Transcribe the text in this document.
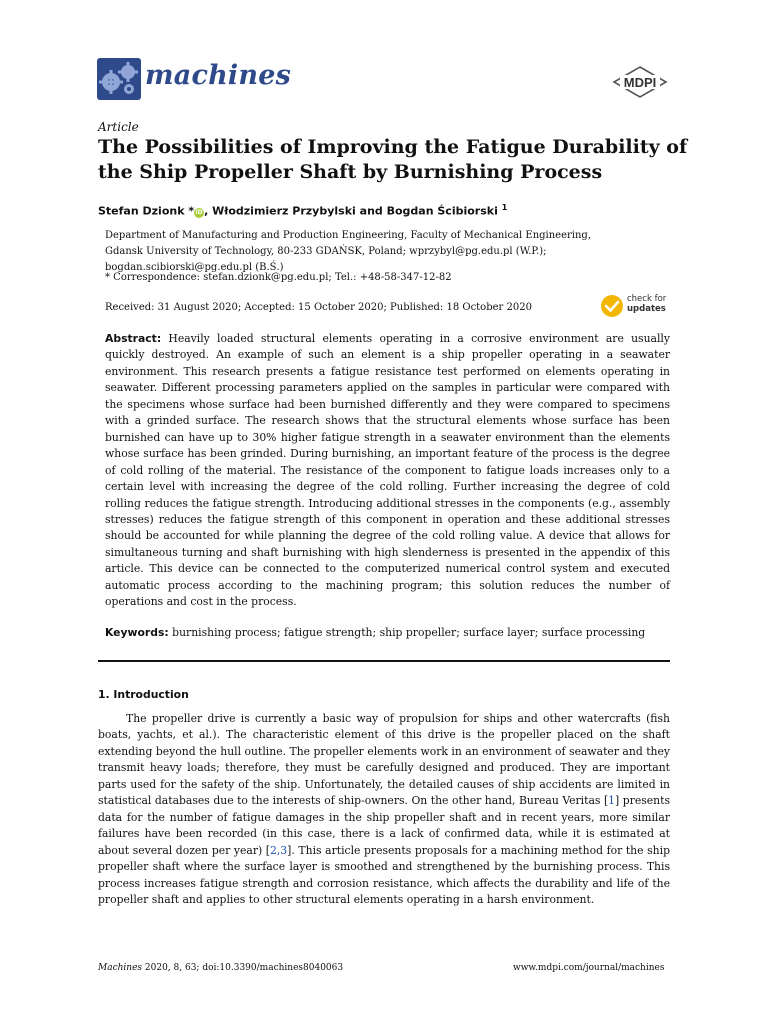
machines	MDPI
Article
The Possibilities of Improving the Fatigue Durability of the Ship Propeller Shaft by Burnishing Process
Stefan Dzionk *iD, Włodzimierz Przybylski and Bogdan Ścibiorski $^1$
Department of Manufacturing and Production Engineering, Faculty of Mechanical Engineering,
Gdansk University of Technology, 80-233 GDAŃSK, Poland; wprzybyl@pg.edu.pl (W.P.);
bogdan.scibiorski@pg.edu.pl (B.Ś.)
* Correspondence: stefan.dzionk@pg.edu.pl; Tel.: +48-58-347-12-82
Received: 31 August 2020; Accepted: 15 October 2020; Published: 18 October 2020
check for
updates
Abstract: Heavily loaded structural elements operating in a corrosive environment are usually quickly destroyed. An example of such an element is a ship propeller operating in a seawater environment. This research presents a fatigue resistance test performed on elements operating in seawater. Different processing parameters applied on the samples in particular were compared with the specimens whose surface had been burnished differently and they were compared to specimens with a grinded surface. The research shows that the structural elements whose surface has been burnished can have up to 30% higher fatigue strength in a seawater environment than the elements whose surface has been grinded. During burnishing, an important feature of the process is the degree of cold rolling of the material. The resistance of the component to fatigue loads increases only to a certain level with increasing the degree of the cold rolling. Further increasing the degree of cold rolling reduces the fatigue strength. Introducing additional stresses in the components (e.g., assembly stresses) reduces the fatigue strength of this component in operation and these additional stresses should be accounted for while planning the degree of the cold rolling value. A device that allows for simultaneous turning and shaft burnishing with high slenderness is presented in the appendix of this article. This device can be connected to the computerized numerical control system and executed automatic process according to the machining program; this solution reduces the number of operations and cost in the process.
Keywords: burnishing process; fatigue strength; ship propeller; surface layer; surface processing
1. Introduction
The propeller drive is currently a basic way of propulsion for ships and other watercrafts (fish boats, yachts, et al.). The characteristic element of this drive is the propeller placed on the shaft extending beyond the hull outline. The propeller elements work in an environment of seawater and they transmit heavy loads; therefore, they must be carefully designed and produced. They are important parts used for the safety of the ship. Unfortunately, the detailed causes of ship accidents are limited in statistical databases due to the interests of ship-owners. On the other hand, Bureau Veritas [1] presents data for the number of fatigue damages in the ship propeller shaft and in recent years, more similar failures have been recorded (in this case, there is a lack of confirmed data, while it is estimated at about several dozen per year) [2,3]. This article presents proposals for a machining method for the ship propeller shaft where the surface layer is smoothed and strengthened by the burnishing process. This process increases fatigue strength and corrosion resistance, which affects the durability and life of the propeller shaft and applies to other structural elements operating in a harsh environment.
Machines 2020, 8, 63; doi:10.3390/machines8040063	www.mdpi.com/journal/machines
